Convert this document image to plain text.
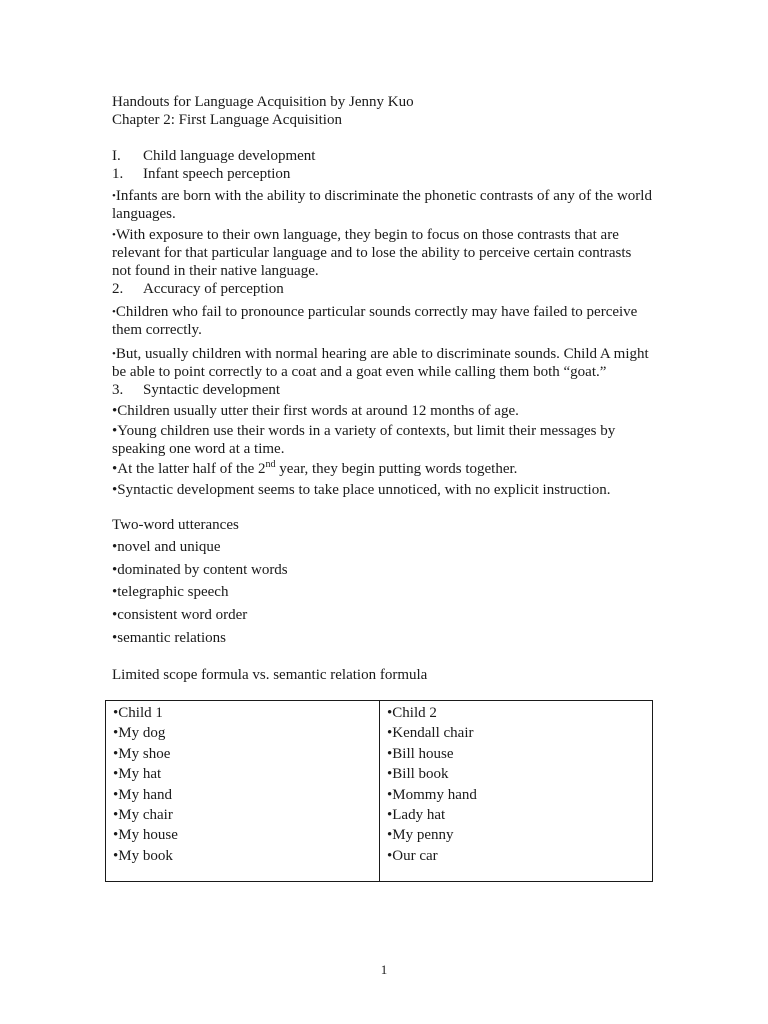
Handouts for Language Acquisition by Jenny Kuo
Chapter 2: First Language Acquisition
I. Child language development
1. Infant speech perception
• Infants are born with the ability to discriminate the phonetic contrasts of any of the world languages.
• With exposure to their own language, they begin to focus on those contrasts that are relevant for that particular language and to lose the ability to perceive certain contrasts not found in their native language.
2. Accuracy of perception
• Children who fail to pronounce particular sounds correctly may have failed to perceive them correctly.
• But, usually children with normal hearing are able to discriminate sounds. Child A might be able to point correctly to a coat and a goat even while calling them both “goat.”
3. Syntactic development
• Children usually utter their first words at around 12 months of age.
• Young children use their words in a variety of contexts, but limit their messages by speaking one word at a time.
• At the latter half of the 2nd year, they begin putting words together.
• Syntactic development seems to take place unnoticed, with no explicit instruction.
Two-word utterances
• novel and unique
• dominated by content words
• telegraphic speech
• consistent word order
• semantic relations
Limited scope formula vs. semantic relation formula
• Child 1
• My dog
• My shoe
• My hat
• My hand
• My chair
• My house
• My book
• Child 2
• Kendall chair
• Bill house
• Bill book
• Mommy hand
• Lady hat
• My penny
• Our car
1
